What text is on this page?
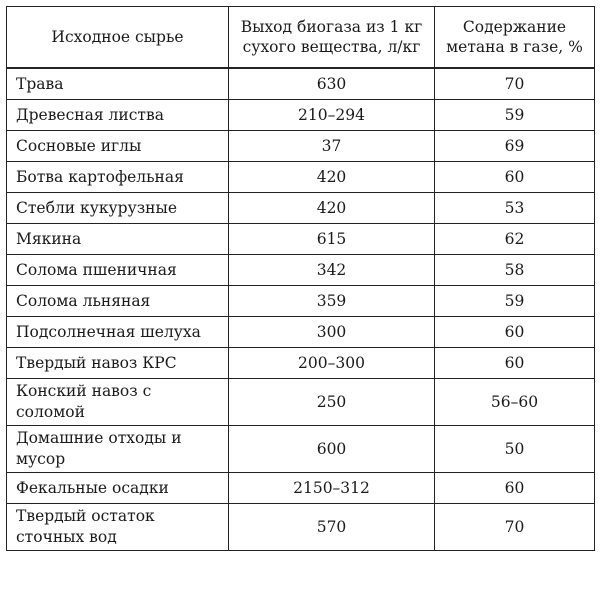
Исходное сырье	Выход биогаза из 1 кг сухого вещества, л/кг	Содержание метана в газе, %
Трава	630	70
Древесная листва	210–294	59
Сосновые иглы	37	69
Ботва картофельная	420	60
Стебли кукурузные	420	53
Мякина	615	62
Солома пшеничная	342	58
Солома льняная	359	59
Подсолнечная шелуха	300	60
Твердый навоз КРС	200–300	60
Конский навоз с соломой	250	56–60
Домашние отходы и мусор	600	50
Фекальные осадки	2150–312	60
Твердый остаток сточных вод	570	70
